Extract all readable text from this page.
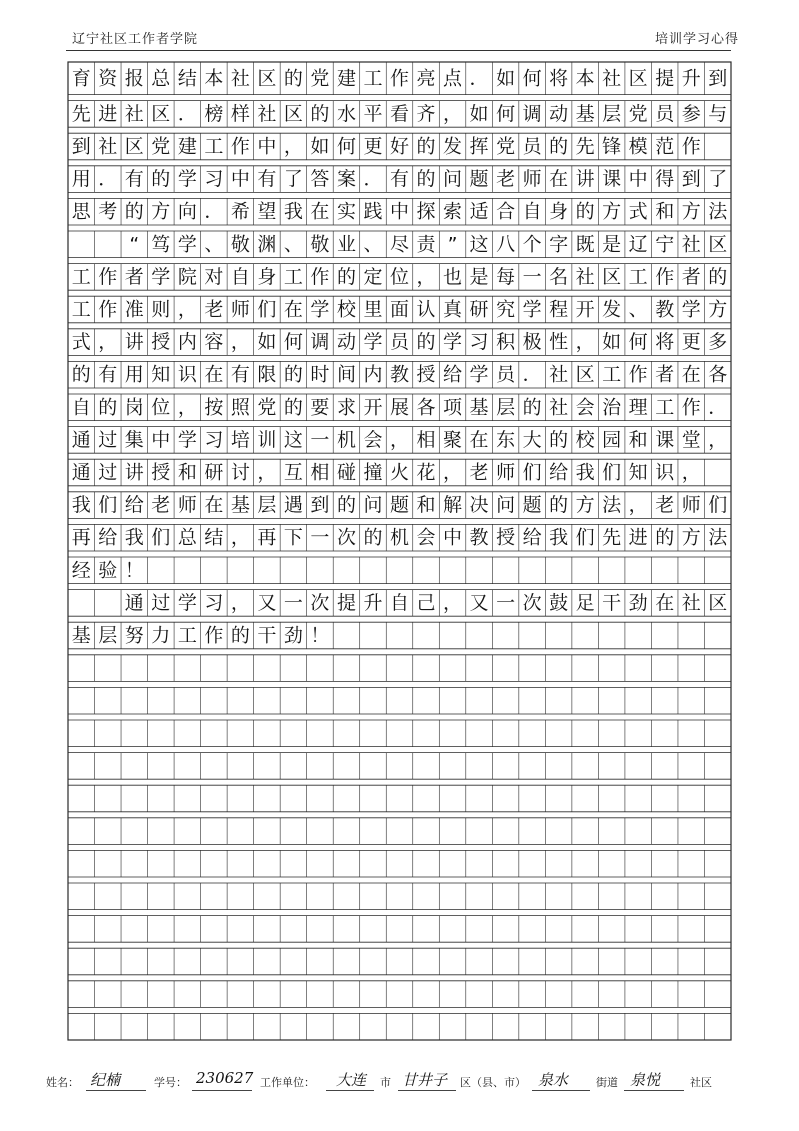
辽宁社区工作者学院	培训学习心得
育 资 报 总 结 本 社 区 的 党 建 工 作 亮 点 ． 如 何 将 本 社 区 提 升 到
先 进 社 区 ． 榜 样 社 区 的 水 平 看 齐 ， 如 何 调 动 基 层 党 员 参 与
到 社 区 党 建 工 作 中 ， 如 何 更 好 的 发 挥 党 员 的 先 锋 模 范 作
用 ． 有 的 学 习 中 有 了 答 案 ． 有 的 问 题 老 师 在 讲 课 中 得 到 了
思 考 的 方 向 ． 希 望 我 在 实 践 中 探 索 适 合 自 身 的 方 式 和 方 法
“ 笃 学 、 敬 渊 、 敬 业 、 尽 责 ” 这 八 个 字 既 是 辽 宁 社 区
工 作 者 学 院 对 自 身 工 作 的 定 位 ， 也 是 每 一 名 社 区 工 作 者 的
工 作 准 则 ， 老 师 们 在 学 校 里 面 认 真 研 究 学 程 开 发 、 教 学 方
式 ， 讲 授 内 容 ， 如 何 调 动 学 员 的 学 习 积 极 性 ， 如 何 将 更 多
的 有 用 知 识 在 有 限 的 时 间 内 教 授 给 学 员 ． 社 区 工 作 者 在 各
自 的 岗 位 ， 按 照 党 的 要 求 开 展 各 项 基 层 的 社 会 治 理 工 作 ．
通 过 集 中 学 习 培 训 这 一 机 会 ， 相 聚 在 东 大 的 校 园 和 课 堂 ，
通 过 讲 授 和 研 讨 ， 互 相 碰 撞 火 花 ， 老 师 们 给 我 们 知 识 ，
我 们 给 老 师 在 基 层 遇 到 的 问 题 和 解 决 问 题 的 方 法 ， 老 师 们
再 给 我 们 总 结 ， 再 下 一 次 的 机 会 中 教 授 给 我 们 先 进 的 方 法
经 验 ！
通 过 学 习 ， 又 一 次 提 升 自 己 ， 又 一 次 鼓 足 干 劲 在 社 区
基 层 努 力 工 作 的 干 劲 ！
姓名： 纪楠	学号： 230627 工作单位： 大连 市 甘井子 区（县、市） 泉水	街道 泉悦	社区
